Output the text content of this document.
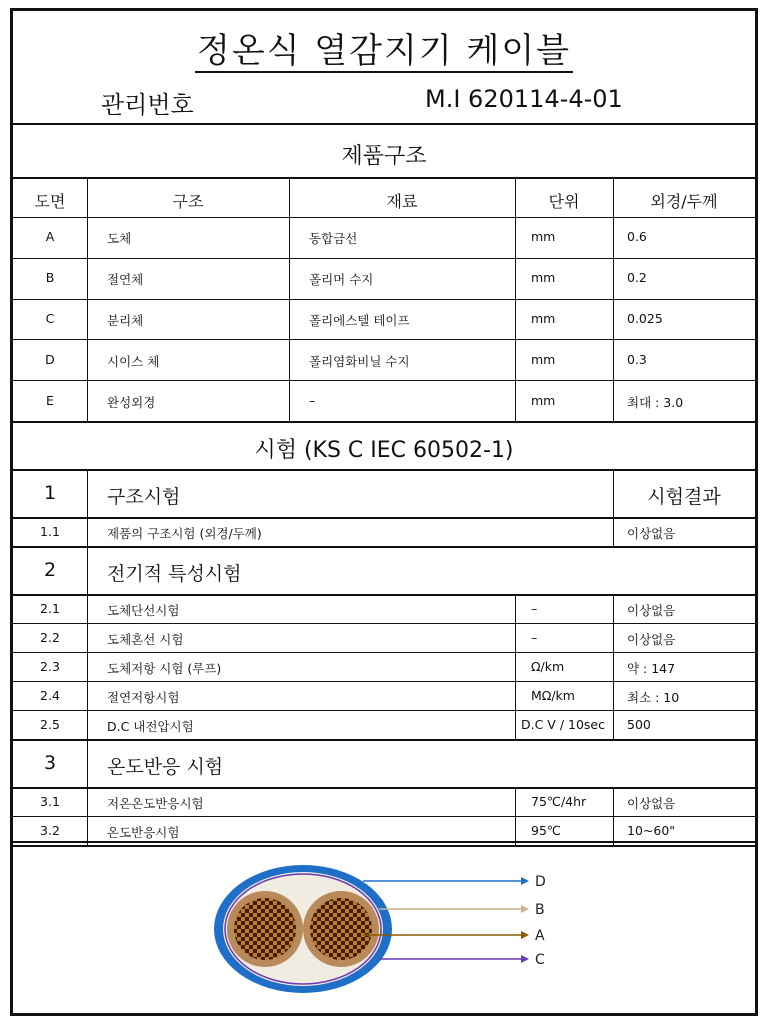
정온식 열감지기 케이블
관리번호	M.I 620114-4-01
제품구조
도면	구조	재료	단위	외경/두께
A	도체	동합금선	mm	0.6
B	절연체	폴리머 수지	mm	0.2
C	분리체	폴리에스텔 테이프	mm	0.025
D	시이스 체	폴리염화비닐 수지	mm	0.3
E	완성외경	–	mm	최대 : 3.0
시험 (KS C IEC 60502-1)
1	구조시험	시험결과
1.1	제품의 구조시험 (외경/두께)	이상없음
2	전기적 특성시험
2.1	도체단선시험	–	이상없음
2.2	도체혼선 시험	–	이상없음
2.3	도체저항 시험 (루프)	Ω/km	약 : 147
2.4	절연저항시험	MΩ/km	최소 : 10
2.5	D.C 내전압시험	D.C V / 10sec	500
3	온도반응 시험
3.1	저온온도반응시험	75℃/4hr	이상없음
3.2	온도반응시험	95℃	10~60"
D
B
A
C
